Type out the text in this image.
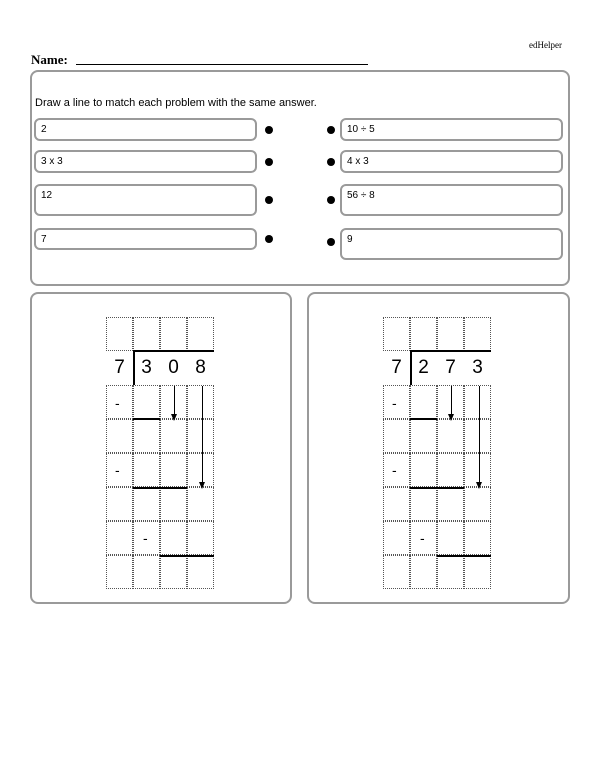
edHelper
Name:
Draw a line to match each problem with the same answer.
2
3 x 3
12
7
10 ÷ 5
4 x 3
56 ÷ 8
9
7 3 0 8
-
-
-
7 2 7 3
-
-
-
